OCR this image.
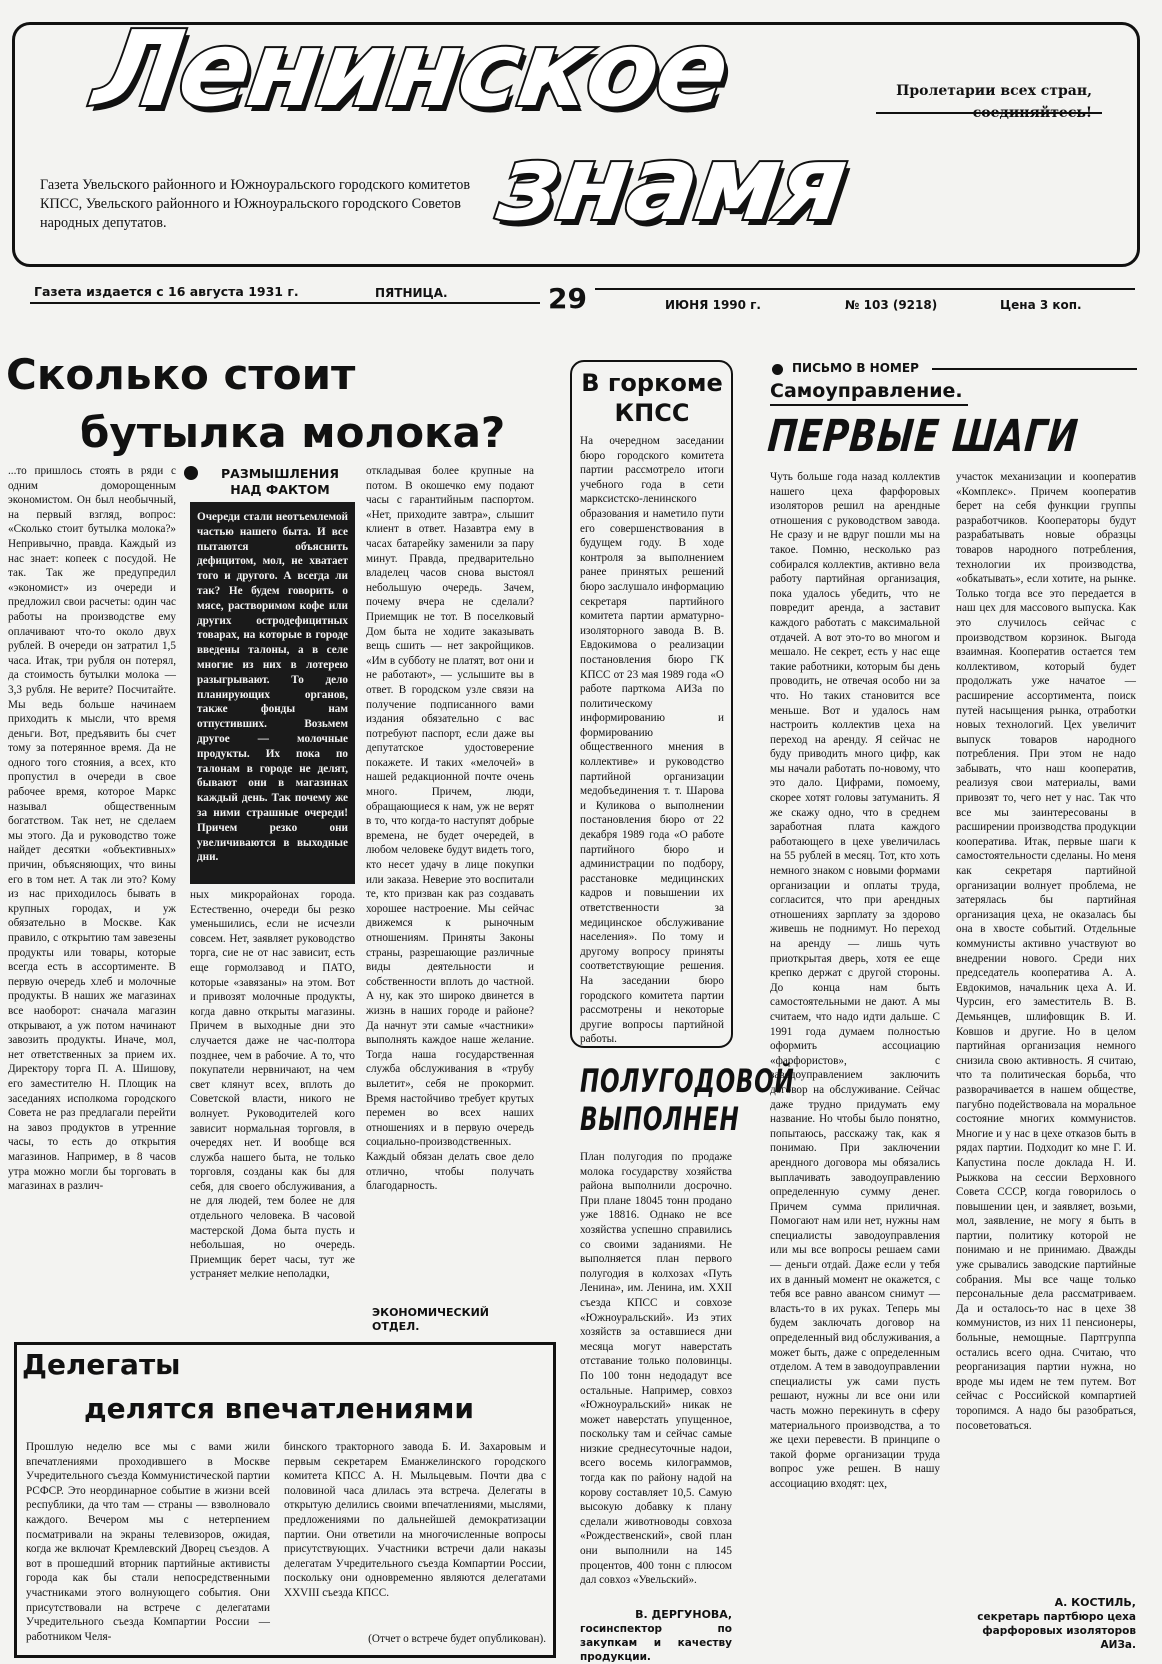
Ленинское
знамя
Пролетарии всех стран,
соединяйтесь!
Газета Увельского районного и Южноуральского городского комитетов КПСС, Увельского районного и Южноуральского городского Советов народных депутатов.
Газета издается с 16 августа 1931 г.	ПЯТНИЦА.	29	ИЮНЯ 1990 г.	№ 103 (9218)	Цена 3 коп.
Сколько стоит
бутылка молока?
...то пришлось стоять в ряди с одним доморощенным экономистом. Он был необычный, на первый взгляд, вопрос: «Сколько стоит бутылка молока?» Непривычно, правда. Каждый из нас знает: копеек с посудой. Не так. Так же предупредил «экономист» из очереди и предложил свои расчеты: один час работы на производстве ему оплачивают что-то около двух рублей. В очереди он затратил 1,5 часа. Итак, три рубля он потерял, да стоимость бутылки молока — 3,3 рубля. Не верите? Посчитайте. Мы ведь больше начинаем приходить к мысли, что время деньги. Вот, предъявить бы счет тому за потерянное время. Да не одного того стояния, а всех, кто пропустил в очереди в свое рабочее время, которое Маркс называл общественным богатством. Так нет, не сделаем мы этого. Да и руководство тоже найдет десятки «объективных» причин, объясняющих, что вины его в том нет. А так ли это? Кому из нас приходилось бывать в крупных городах, и уж обязательно в Москве. Как правило, с открытию там завезены продукты или товары, которые всегда есть в ассортименте. В первую очередь хлеб и молочные продукты. В наших же магазинах все наоборот: сначала магазин открывают, а уж потом начинают завозить продукты. Иначе, мол, нет ответственных за прием их. Директору торга П. А. Шишову, его заместителю Н. Площик на заседаниях исполкома городского Совета не раз предлагали перейти на завоз продуктов в утренние часы, то есть до открытия магазинов. Например, в 8 часов утра можно могли бы торговать в магазинах в различ-
РАЗМЫШЛЕНИЯ
НАД ФАКТОМ
Очереди стали неотъемлемой частью нашего быта. И все пытаются объяснить дефицитом, мол, не хватает того и другого. А всегда ли так? Не будем говорить о мясе, растворимом кофе или других остродефицитных товарах, на которые в городе введены талоны, а в селе многие из них в лотерею разыгрывают. То дело планирующих органов, также фонды нам отпустивших. Возьмем другое — молочные продукты. Их пока по талонам в городе не делят, бывают они в магазинах каждый день. Так почему же за ними страшные очереди! Причем резко они увеличиваются в выходные дни.
ных микрорайонах города. Естественно, очереди бы резко уменьшились, если не исчезли совсем. Нет, заявляет руководство торга, сие не от нас зависит, есть еще гормолзавод и ПАТО, которые «завязаны» на этом. Вот и привозят молочные продукты, когда давно открыты магазины. Причем в выходные дни это случается даже не час-полтора позднее, чем в рабочие. А то, что покупатели нервничают, на чем свет клянут всех, вплоть до Советской власти, никого не волнует. Руководителей кого зависит нормальная торговля, в очередях нет. И вообще вся служба нашего быта, не только торговля, созданы как бы для себя, для своего обслуживания, а не для людей, тем более не для отдельного человека. В часовой мастерской Дома быта пусть и небольшая, но очередь. Приемщик берет часы, тут же устраняет мелкие неполадки,
откладывая более крупные на потом. В окошечко ему подают часы с гарантийным паспортом. «Нет, приходите завтра», слышит клиент в ответ. Назавтра ему в часах батарейку заменили за пару минут. Правда, предварительно владелец часов снова выстоял небольшую очередь. Зачем, почему вчера не сделали? Приемщик не тот. В поселковый Дом быта не ходите заказывать вещь сшить — нет закройщиков. «Им в субботу не платят, вот они и не работают», — услышите вы в ответ. В городском узле связи на получение подписанного вами издания обязательно с вас потребуют паспорт, если даже вы депутатское удостоверение покажете. И таких «мелочей» в нашей редакционной почте очень много. Причем, люди, обращающиеся к нам, уж не верят в то, что когда-то наступят добрые времена, не будет очередей, в любом человеке будут видеть того, кто несет удачу в лице покупки или заказа. Неверие это воспитали те, кто призван как раз создавать хорошее настроение. Мы сейчас движемся к рыночным отношениям. Приняты Законы страны, разрешающие различные виды деятельности и собственности вплоть до частной. А ну, как это широко двинется в жизнь в наших городе и районе? Да начнут эти самые «частники» выполнять каждое наше желание. Тогда наша государственная служба обслуживания в «трубу вылетит», себя не прокормит. Время настойчиво требует крутых перемен во всех наших отношениях и в первую очередь социально-производственных. Каждый обязан делать свое дело отлично, чтобы получать благодарность.
ЭКОНОМИЧЕСКИЙ ОТДЕЛ.
В горкоме
КПСС
На очередном заседании бюро городского комитета партии рассмотрело итоги учебного года в сети марксистско-ленинского образования и наметило пути его совершенствования в будущем году. В ходе контроля за выполнением ранее принятых решений бюро заслушало информацию секретаря партийного комитета партии арматурно-изоляторного завода В. В. Евдокимова о реализации постановления бюро ГК КПСС от 23 мая 1989 года «О работе парткома АИЗа по политическому информированию и формированию общественного мнения в коллективе» и руководство партийной организации медобъединения т. т. Шаровa и Куликова о выполнении постановления бюро от 22 декабря 1989 года «О работе партийного бюро и администрации по подбору, расстановке медицинских кадров и повышении их ответственности за медицинское обслуживание населения». По тому и другому вопросу приняты соответствующие решения. На заседании бюро городского комитета партии рассмотрены и некоторые другие вопросы партийной работы.
ПОЛУГОДОВОЙ
ВЫПОЛНЕН
План полугодия по продаже молока государству хозяйства района выполнили досрочно. При плане 18045 тонн продано уже 18816. Однако не все хозяйства успешно справились со своими заданиями. Не выполняется план первого полугодия в колхозах «Путь Ленина», им. Ленина, им. XXII съезда КПСС и совхозе «Южноуральский». Из этих хозяйств за оставшиеся дни месяца могут наверстать отставание только половинцы. По 100 тонн недодадут все остальные. Например, совхоз «Южноуральский» никак не может наверстать упущенное, поскольку там и сейчас самые низкие среднесуточные надои, всего восемь килограммов, тогда как по району надой на корову составляет 10,5. Самую высокую добавку к плану сделали животноводы совхоза «Рождественский», свой план они выполнили на 145 процентов, 400 тонн с плюсом дал совхоз «Увельский».
В. ДЕРГУНОВА,
госинспектор по закупкам и качеству продукции.
ПИСЬМО В НОМЕР
Самоуправление.
ПЕРВЫЕ ШАГИ
Чуть больше года назад коллектив нашего цеха фарфоровых изоляторов решил на арендные отношения с руководством завода. Не сразу и не вдруг пошли мы на такое. Помню, несколько раз собирался коллектив, активно вела работу партийная организация, пока удалось убедить, что не повредит аренда, а заставит каждого работать с максимальной отдачей. А вот это-то во многом и мешало. Не секрет, есть у нас еще такие работники, которым бы день проводить, не отвечая особо ни за что. Но таких становится все меньше. Вот и удалось нам настроить коллектив цеха на переход на аренду. Я сейчас не буду приводить много цифр, как мы начали работать по-новому, что это дало. Цифрами, помоему, скорее хотят головы затуманить. Я же скажу одно, что в среднем заработная плата каждого работающего в цехе увеличилась на 55 рублей в месяц. Тот, кто хоть немного знаком с новыми формами организации и оплаты труда, согласится, что при арендных отношениях зарплату за здорово живешь не поднимут. Но переход на аренду — лишь чуть приоткрытая дверь, хотя ее еще крепко держат с другой стороны. До конца нам быть самостоятельными не дают. А мы считаем, что надо идти дальше. С 1991 года думаем полностью оформить ассоциацию «фарфористов», с заводоуправлением заключить договор на обслуживание. Сейчас даже трудно придумать ему название. Но чтобы было понятно, попытаюсь, расскажу так, как я понимаю. При заключении арендного договора мы обязались выплачивать заводоуправлению определенную сумму денег. Причем сумма приличная. Помогают нам или нет, нужны нам специалисты заводоуправления или мы все вопросы решаем сами — деньги отдай. Даже если у тебя их в данный момент не окажется, с тебя все равно авансом снимут — власть-то в их руках. Теперь мы будем заключать договор на определенный вид обслуживания, а может быть, даже с определенным отделом. А тем в заводоуправлении специалисты уж сами пусть решают, нужны ли все они или часть можно перекинуть в сферу материального производства, а то же цехи перевести. В принципе о такой форме организации труда вопрос уже решен. В нашу ассоциацию входят: цех,
участок механизации и кооператив «Комплекс». Причем кооператив берет на себя функции группы разработчиков. Кооператоры будут разрабатывать новые образцы товаров народного потребления, технологии их производства, «обкатывать», если хотите, на рынке. Только тогда все это передается в наш цех для массового выпуска. Как это случилось сейчас с производством корзинок. Выгода взаимная. Кооператив остается тем коллективом, который будет продолжать уже начатое — расширение ассортимента, поиск путей насыщения рынка, отработки новых технологий. Цех увеличит выпуск товаров народного потребления. При этом не надо забывать, что наш кооператив, реализуя свои материалы, вами привозят то, чего нет у нас. Так что все мы заинтересованы в расширении производства продукции кооператива. Итак, первые шаги к самостоятельности сделаны. Но меня как секретаря партийной организации волнует проблема, не затерялась бы партийная организация цеха, не оказалась бы она в хвосте событий. Отдельные коммунисты активно участвуют во внедрении нового. Среди них председатель кооператива А. А. Евдокимов, начальник цеха А. И. Чурсин, его заместитель В. В. Демьянцев, шлифовщик В. И. Ковшов и другие. Но в целом партийная организация немного снизила свою активность. Я считаю, что та политическая борьба, что разворачивается в нашем обществе, пагубно подействовала на моральное состояние многих коммунистов. Многие и у нас в цехе отказов быть в рядах партии. Подходит ко мне Г. И. Капустина после доклада Н. И. Рыжкова на сессии Верховного Совета СССР, когда говорилось о повышении цен, и заявляет, возьми, мол, заявление, не могу я быть в партии, политику которой не понимаю и не принимаю. Дважды уже срывались заводские партийные собрания. Мы все чаще только персональные дела рассматриваем. Да и осталось-то нас в цехе 38 коммунистов, из них 11 пенсионеры, больные, немощные. Партгруппа остались всего одна. Считаю, что реорганизация партии нужна, но вроде мы идем не тем путем. Вот сейчас с Российской компартией торопимся. А надо бы разобраться, посоветоваться.
А. КОСТИЛЬ,
секретарь партбюро цеха фарфоровых изоляторов АИЗа.
Делегаты
делятся впечатлениями
Прошлую неделю все мы с вами жили впечатлениями проходившего в Москве Учредительного съезда Коммунистической партии РСФСР. Это неординарное событие в жизни всей республики, да что там — страны — взволновало каждого. Вечером мы с нетерпением посматривали на экраны телевизоров, ожидая, когда же включат Кремлевский Дворец съездов. А вот в прошедший вторник партийные активисты города как бы стали непосредственными участниками этого волнующего события. Они присутствовали на встрече с делегатами Учредительного съезда Компартии России — работником Челя-
бинского тракторного завода Б. И. Захаровым и первым секретарем Еманжелинского городского комитета КПСС А. Н. Мыльцевым. Почти два с половиной часа длилась эта встреча. Делегаты в открытую делились своими впечатлениями, мыслями, предложениями по дальнейшей демократизации партии. Они ответили на многочисленные вопросы присутствующих. Участники встречи дали наказы делегатам Учредительного съезда Компартии России, поскольку они одновременно являются делегатами XXVIII съезда КПСС.
(Отчет о встрече будет опубликован).
